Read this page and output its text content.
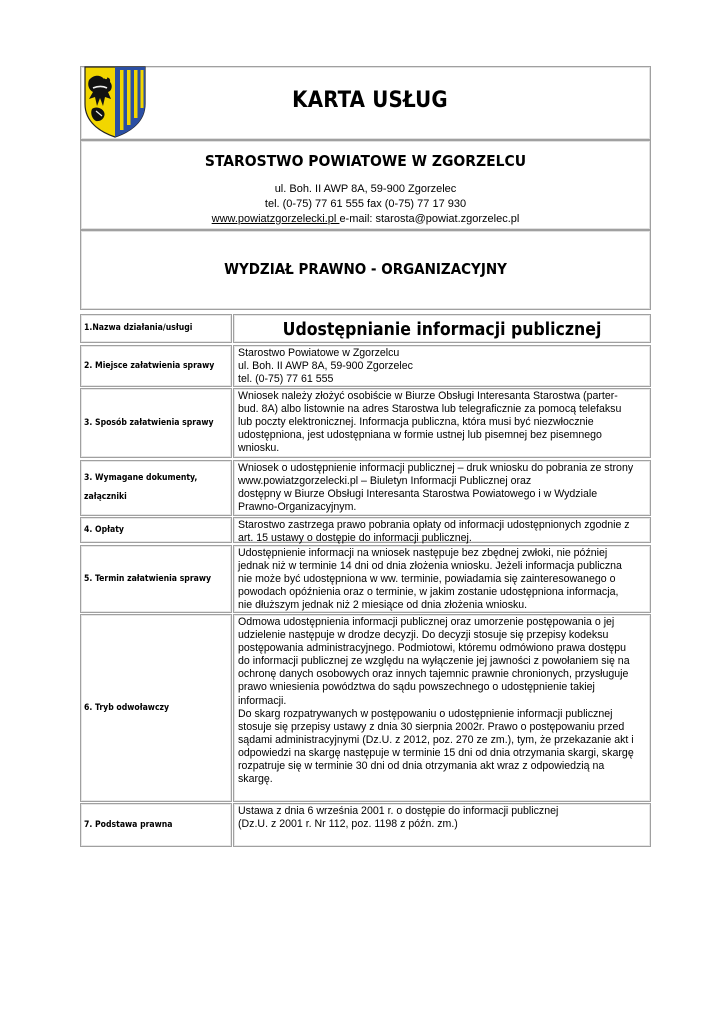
KARTA USŁUG
STAROSTWO POWIATOWE W ZGORZELCU
ul. Boh. II AWP 8A, 59-900 Zgorzelec
tel. (0-75) 77 61 555 fax (0-75) 77 17 930
www.powiatzgorzelecki.pl e-mail: starosta@powiat.zgorzelec.pl
WYDZIAŁ PRAWNO - ORGANIZACYJNY
1.Nazwa działania/usługi	Udostępnianie informacji publicznej
2. Miejsce załatwienia sprawy
Starostwo Powiatowe w Zgorzelcu
ul. Boh. II AWP 8A, 59-900 Zgorzelec
tel. (0-75) 77 61 555
3. Sposób załatwienia sprawy
Wniosek należy złożyć osobiście w Biurze Obsługi Interesanta Starostwa (parter-
bud. 8A) albo listownie na adres Starostwa lub telegraficznie za pomocą telefaksu
lub poczty elektronicznej. Informacja publiczna, która musi być niezwłocznie
udostępniona, jest udostępniana w formie ustnej lub pisemnej bez pisemnego
wniosku.
3. Wymagane dokumenty, załączniki
Wniosek o udostępnienie informacji publicznej – druk wniosku do pobrania ze strony
www.powiatzgorzelecki.pl – Biuletyn Informacji Publicznej oraz
dostępny w Biurze Obsługi Interesanta Starostwa Powiatowego i w Wydziale
Prawno-Organizacyjnym.
4. Opłaty	Starostwo zastrzega prawo pobrania opłaty od informacji udostępnionych zgodnie z
art. 15 ustawy o dostępie do informacji publicznej.
5. Termin załatwienia sprawy
Udostępnienie informacji na wniosek następuje bez zbędnej zwłoki, nie później
jednak niż w terminie 14 dni od dnia złożenia wniosku. Jeżeli informacja publiczna
nie może być udostępniona w ww. terminie, powiadamia się zainteresowanego o
powodach opóźnienia oraz o terminie, w jakim zostanie udostępniona informacja,
nie dłuższym jednak niż 2 miesiące od dnia złożenia wniosku.
6. Tryb odwoławczy
Odmowa udostępnienia informacji publicznej oraz umorzenie postępowania o jej
udzielenie następuje w drodze decyzji. Do decyzji stosuje się przepisy kodeksu
postępowania administracyjnego. Podmiotowi, któremu odmówiono prawa dostępu
do informacji publicznej ze względu na wyłączenie jej jawności z powołaniem się na
ochronę danych osobowych oraz innych tajemnic prawnie chronionych, przysługuje
prawo wniesienia powództwa do sądu powszechnego o udostępnienie takiej
informacji.
Do skarg rozpatrywanych w postępowaniu o udostępnienie informacji publicznej
stosuje się przepisy ustawy z dnia 30 sierpnia 2002r. Prawo o postępowaniu przed
sądami administracyjnymi (Dz.U. z 2012, poz. 270 ze zm.), tym, że przekazanie akt i
odpowiedzi na skargę następuje w terminie 15 dni od dnia otrzymania skargi, skargę
rozpatruje się w terminie 30 dni od dnia otrzymania akt wraz z odpowiedzią na
skargę.
7. Podstawa prawna
Ustawa z dnia 6 września 2001 r. o dostępie do informacji publicznej
(Dz.U. z 2001 r. Nr 112, poz. 1198 z późn. zm.)
